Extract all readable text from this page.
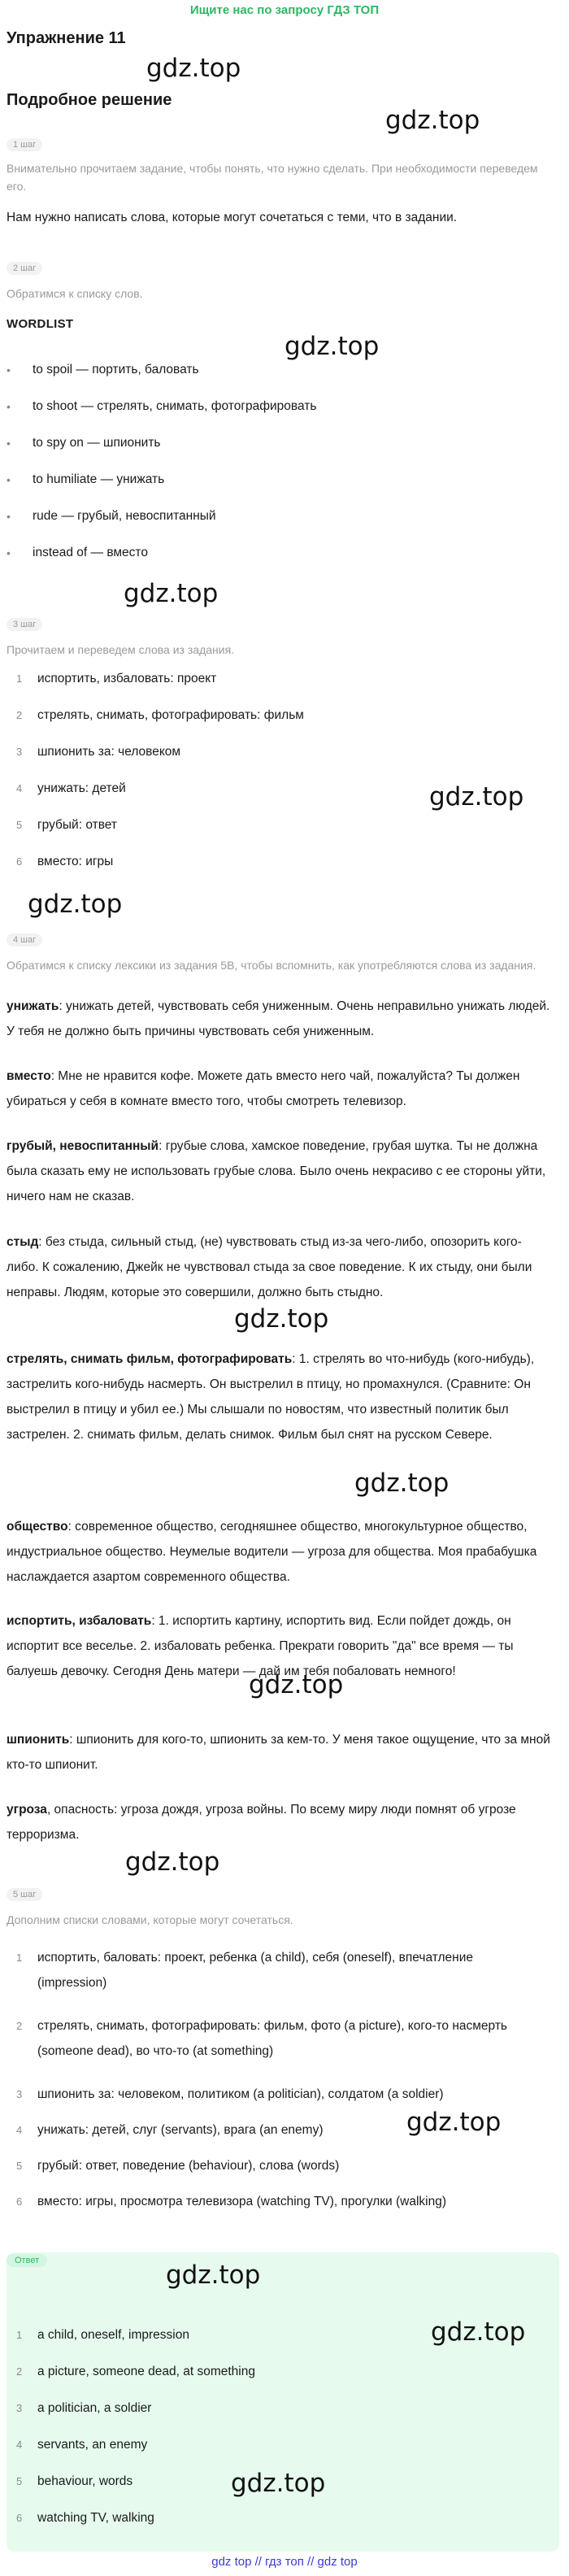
Ищите нас по запросу ГДЗ ТОП
Упражнение 11
gdz.top
Подробное решение
gdz.top
1 шаг
Внимательно прочитаем задание, чтобы понять, что нужно сделать. При необходимости переведем его.
Нам нужно написать слова, которые могут сочетаться с теми, что в задании.
2 шаг
Обратимся к списку слов.
WORDLIST
gdz.top
• to spoil — портить, баловать
• to shoot — стрелять, снимать, фотографировать
• to spy on — шпионить
• to humiliate — унижать
• rude — грубый, невоспитанный
• instead of — вместо
gdz.top
3 шаг
Прочитаем и переведем слова из задания.
1 испортить, избаловать: проект
2 стрелять, снимать, фотографировать: фильм
3 шпионить за: человеком
4 унижать: детей
5 грубый: ответ
6 вместо: игры
gdz.top
gdz.top
4 шаг
Обратимся к списку лексики из задания 5В, чтобы вспомнить, как употребляются слова из задания.
унижать: унижать детей, чувствовать себя униженным. Очень неправильно унижать людей. У тебя не должно быть причины чувствовать себя униженным.
вместо: Мне не нравится кофе. Можете дать вместо него чай, пожалуйста? Ты должен убираться у себя в комнате вместо того, чтобы смотреть телевизор.
грубый, невоспитанный: грубые слова, хамское поведение, грубая шутка. Ты не должна была сказать ему не использовать грубые слова. Было очень некрасиво с ее стороны уйти, ничего нам не сказав.
стыд: без стыда, сильный стыд, (не) чувствовать стыд из-за чего-либо, опозорить кого-либо. К сожалению, Джейк не чувствовал стыда за свое поведение. К их стыду, они были неправы. Людям, которые это совершили, должно быть стыдно.
gdz.top
стрелять, снимать фильм, фотографировать: 1. стрелять во что-нибудь (кого-нибудь), застрелить кого-нибудь насмерть. Он выстрелил в птицу, но промахнулся. (Сравните: Он выстрелил в птицу и убил ее.) Мы слышали по новостям, что известный политик был застрелен. 2. снимать фильм, делать снимок. Фильм был снят на русском Севере.
gdz.top
общество: современное общество, сегодняшнее общество, многокультурное общество, индустриальное общество. Неумелые водители — угроза для общества. Моя прабабушка наслаждается азартом современного общества.
испортить, избаловать: 1. испортить картину, испортить вид. Если пойдет дождь, он испортит все веселье. 2. избаловать ребенка. Прекрати говорить "да" все время — ты балуешь девочку. Сегодня День матери — дай им тебя побаловать немного!
gdz.top
шпионить: шпионить для кого-то, шпионить за кем-то. У меня такое ощущение, что за мной кто-то шпионит.
угроза, опасность: угроза дождя, угроза войны. По всему миру люди помнят об угрозе терроризма.
gdz.top
5 шаг
Дополним списки словами, которые могут сочетаться.
1 испортить, баловать: проект, ребенка (a child), себя (oneself), впечатление (impression)
2 стрелять, снимать, фотографировать: фильм, фото (a picture), кого-то насмерть (someone dead), во что-то (at something)
3 шпионить за: человеком, политиком (a politician), солдатом (a soldier)
4 унижать: детей, слуг (servants), врага (an enemy)	gdz.top
5 грубый: ответ, поведение (behaviour), слова (words)
6 вместо: игры, просмотра телевизора (watching TV), прогулки (walking)
Ответ	gdz.top
gdz.top
1 a child, oneself, impression
2 a picture, someone dead, at something
3 a politician, a soldier
4 servants, an enemy
5 behaviour, words
6 watching TV, walking
gdz.top
gdz top // гдз топ // gdz top
